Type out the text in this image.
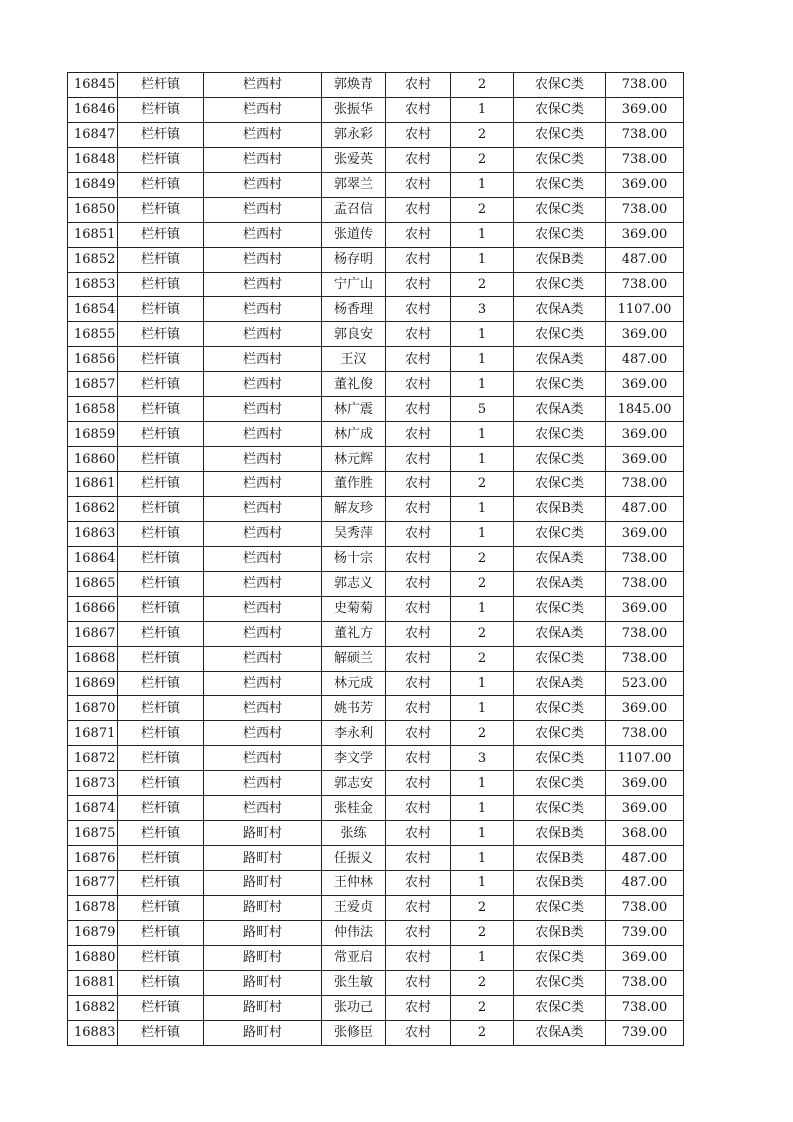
16845	栏杆镇	栏西村	郭焕青	农村	2	农保C类	738.00
16846	栏杆镇	栏西村	张振华	农村	1	农保C类	369.00
16847	栏杆镇	栏西村	郭永彩	农村	2	农保C类	738.00
16848	栏杆镇	栏西村	张爱英	农村	2	农保C类	738.00
16849	栏杆镇	栏西村	郭翠兰	农村	1	农保C类	369.00
16850	栏杆镇	栏西村	孟召信	农村	2	农保C类	738.00
16851	栏杆镇	栏西村	张道传	农村	1	农保C类	369.00
16852	栏杆镇	栏西村	杨存明	农村	1	农保B类	487.00
16853	栏杆镇	栏西村	宁广山	农村	2	农保C类	738.00
16854	栏杆镇	栏西村	杨香理	农村	3	农保A类	1107.00
16855	栏杆镇	栏西村	郭良安	农村	1	农保C类	369.00
16856	栏杆镇	栏西村	王汉	农村	1	农保A类	487.00
16857	栏杆镇	栏西村	董礼俊	农村	1	农保C类	369.00
16858	栏杆镇	栏西村	林广震	农村	5	农保A类	1845.00
16859	栏杆镇	栏西村	林广成	农村	1	农保C类	369.00
16860	栏杆镇	栏西村	林元辉	农村	1	农保C类	369.00
16861	栏杆镇	栏西村	董作胜	农村	2	农保C类	738.00
16862	栏杆镇	栏西村	解友珍	农村	1	农保B类	487.00
16863	栏杆镇	栏西村	吴秀萍	农村	1	农保C类	369.00
16864	栏杆镇	栏西村	杨十宗	农村	2	农保A类	738.00
16865	栏杆镇	栏西村	郭志义	农村	2	农保A类	738.00
16866	栏杆镇	栏西村	史菊菊	农村	1	农保C类	369.00
16867	栏杆镇	栏西村	董礼方	农村	2	农保A类	738.00
16868	栏杆镇	栏西村	解硕兰	农村	2	农保C类	738.00
16869	栏杆镇	栏西村	林元成	农村	1	农保A类	523.00
16870	栏杆镇	栏西村	姚书芳	农村	1	农保C类	369.00
16871	栏杆镇	栏西村	李永利	农村	2	农保C类	738.00
16872	栏杆镇	栏西村	李文学	农村	3	农保C类	1107.00
16873	栏杆镇	栏西村	郭志安	农村	1	农保C类	369.00
16874	栏杆镇	栏西村	张桂金	农村	1	农保C类	369.00
16875	栏杆镇	路町村	张练	农村	1	农保B类	368.00
16876	栏杆镇	路町村	任振义	农村	1	农保B类	487.00
16877	栏杆镇	路町村	王仲林	农村	1	农保B类	487.00
16878	栏杆镇	路町村	王爱贞	农村	2	农保C类	738.00
16879	栏杆镇	路町村	仲伟法	农村	2	农保B类	739.00
16880	栏杆镇	路町村	常亚启	农村	1	农保C类	369.00
16881	栏杆镇	路町村	张生敏	农村	2	农保C类	738.00
16882	栏杆镇	路町村	张功己	农村	2	农保C类	738.00
16883	栏杆镇	路町村	张修臣	农村	2	农保A类	739.00
